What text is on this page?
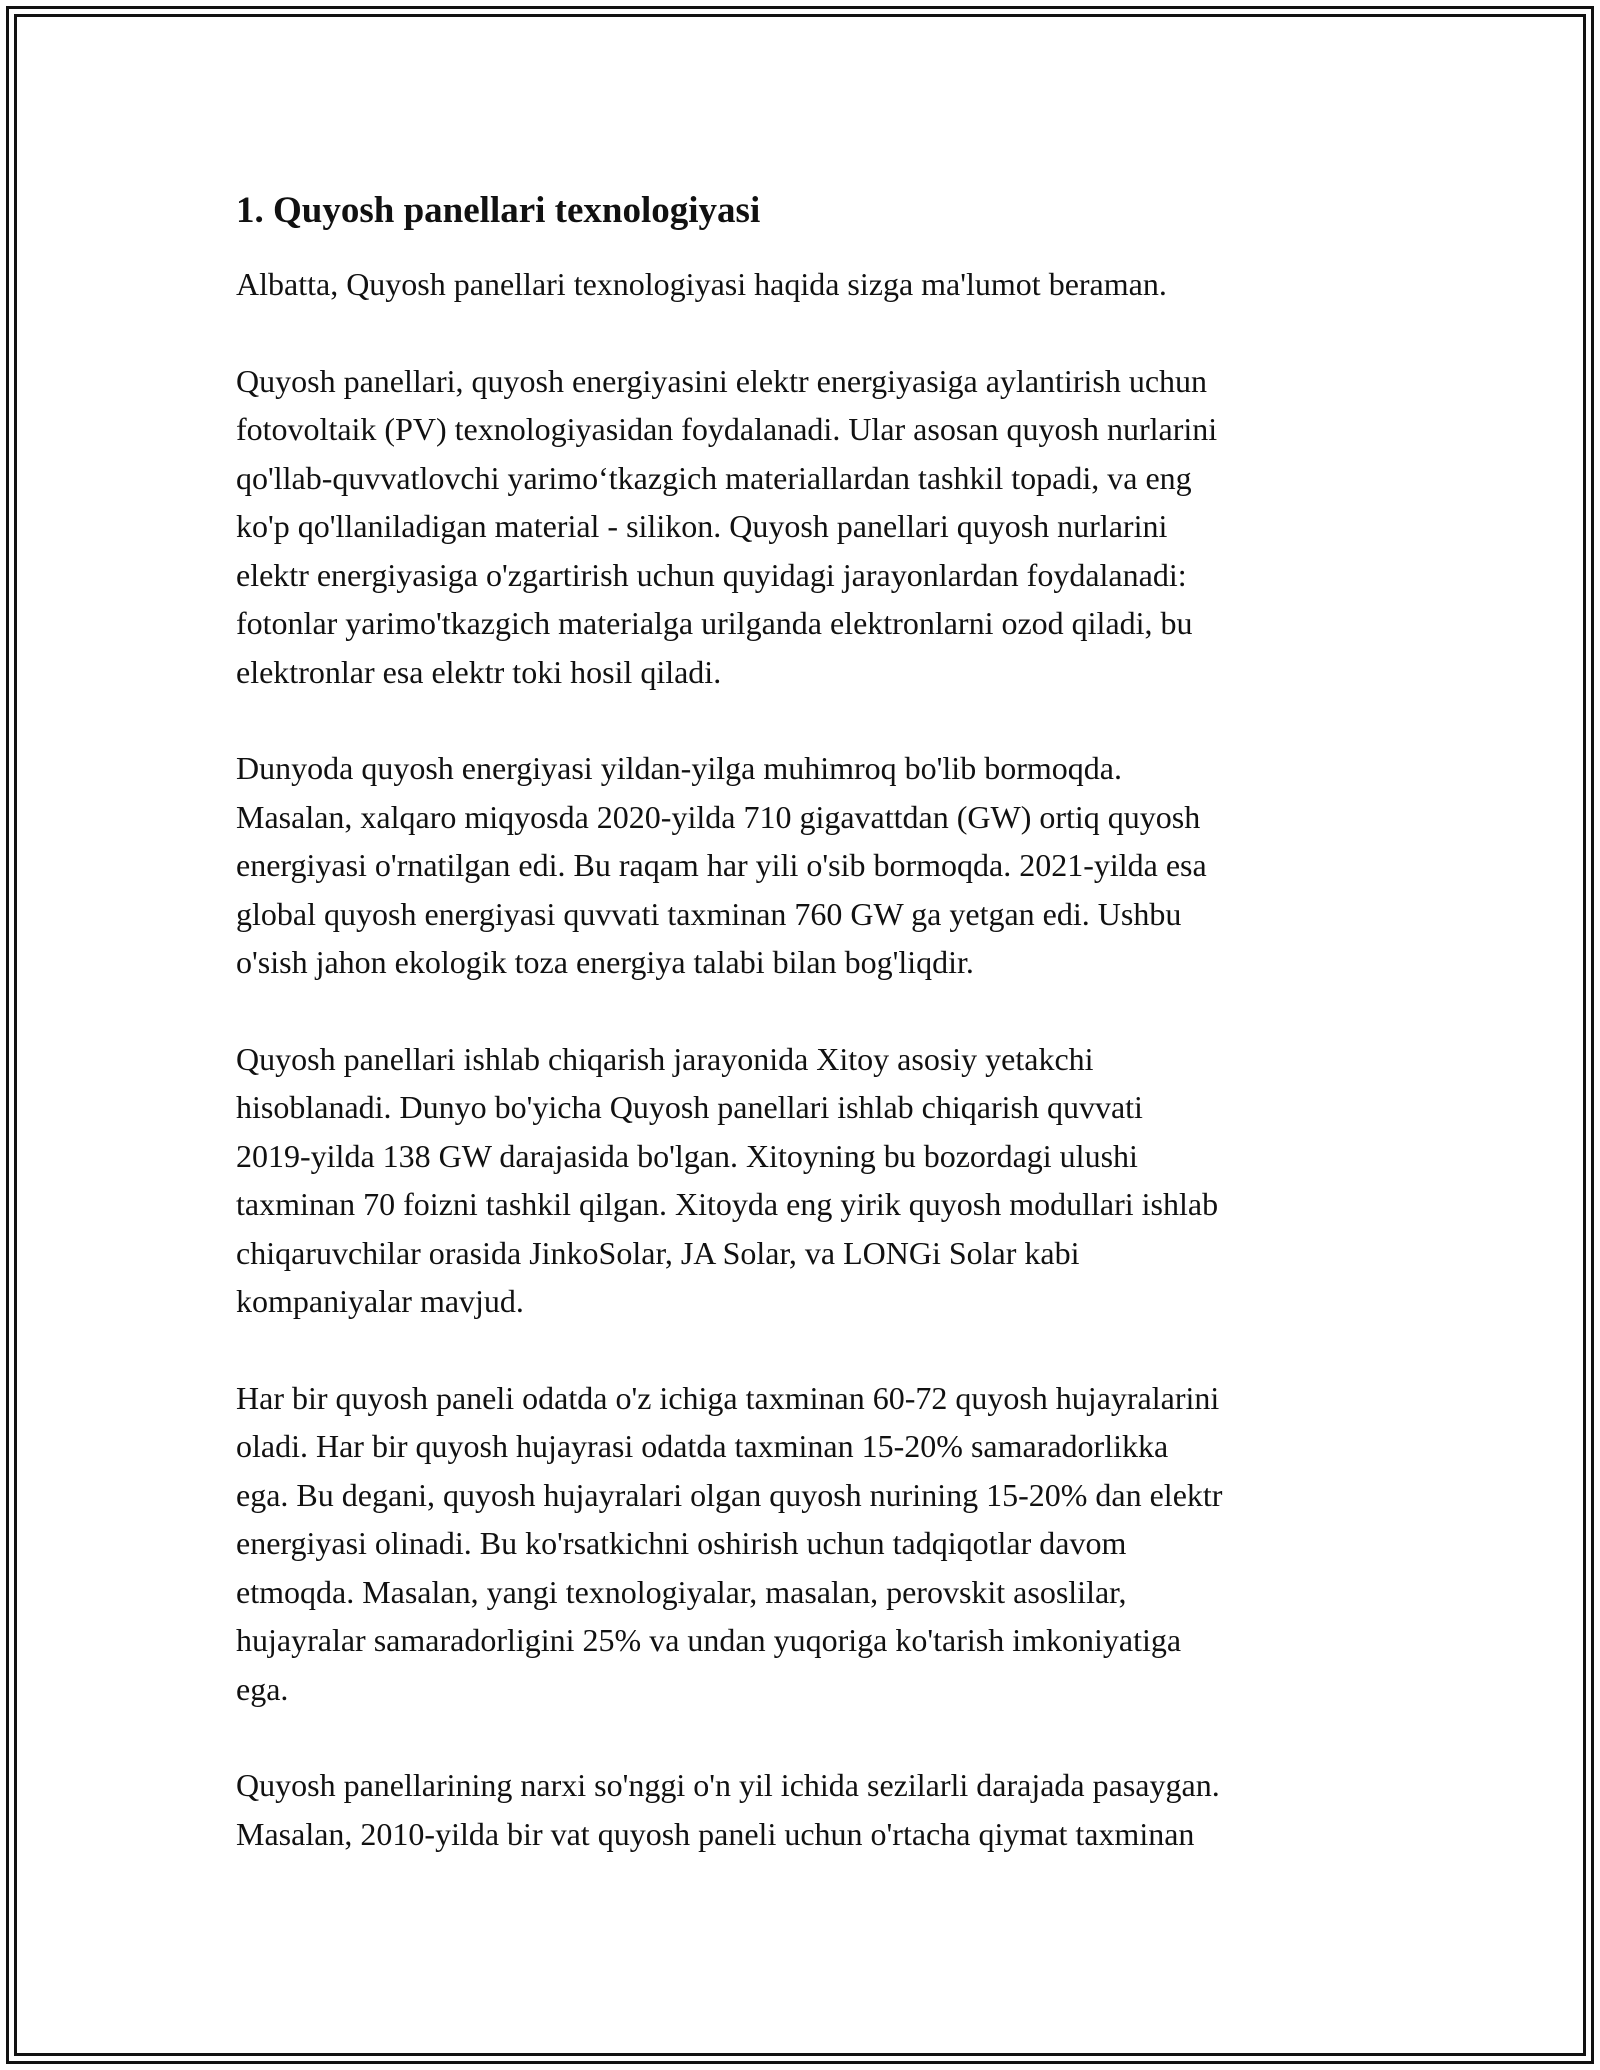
1. Quyosh panellari texnologiyasi

Albatta, Quyosh panellari texnologiyasi haqida sizga ma'lumot beraman.

Quyosh panellari, quyosh energiyasini elektr energiyasiga aylantirish uchun
fotovoltaik (PV) texnologiyasidan foydalanadi. Ular asosan quyosh nurlarini
qo'llab-quvvatlovchi yarimo‘tkazgich materiallardan tashkil topadi, va eng
ko'p qo'llaniladigan material - silikon. Quyosh panellari quyosh nurlarini
elektr energiyasiga o'zgartirish uchun quyidagi jarayonlardan foydalanadi:
fotonlar yarimo'tkazgich materialga urilganda elektronlarni ozod qiladi, bu
elektronlar esa elektr toki hosil qiladi.

Dunyoda quyosh energiyasi yildan-yilga muhimroq bo'lib bormoqda.
Masalan, xalqaro miqyosda 2020-yilda 710 gigavattdan (GW) ortiq quyosh
energiyasi o'rnatilgan edi. Bu raqam har yili o'sib bormoqda. 2021-yilda esa
global quyosh energiyasi quvvati taxminan 760 GW ga yetgan edi. Ushbu
o'sish jahon ekologik toza energiya talabi bilan bog'liqdir.

Quyosh panellari ishlab chiqarish jarayonida Xitoy asosiy yetakchi
hisoblanadi. Dunyo bo'yicha Quyosh panellari ishlab chiqarish quvvati
2019-yilda 138 GW darajasida bo'lgan. Xitoyning bu bozordagi ulushi
taxminan 70 foizni tashkil qilgan. Xitoyda eng yirik quyosh modullari ishlab
chiqaruvchilar orasida JinkoSolar, JA Solar, va LONGi Solar kabi
kompaniyalar mavjud.

Har bir quyosh paneli odatda o'z ichiga taxminan 60-72 quyosh hujayralarini
oladi. Har bir quyosh hujayrasi odatda taxminan 15-20% samaradorlikka
ega. Bu degani, quyosh hujayralari olgan quyosh nurining 15-20% dan elektr
energiyasi olinadi. Bu ko'rsatkichni oshirish uchun tadqiqotlar davom
etmoqda. Masalan, yangi texnologiyalar, masalan, perovskit asoslilar,
hujayralar samaradorligini 25% va undan yuqoriga ko'tarish imkoniyatiga
ega.

Quyosh panellarining narxi so'nggi o'n yil ichida sezilarli darajada pasaygan.
Masalan, 2010-yilda bir vat quyosh paneli uchun o'rtacha qiymat taxminan
